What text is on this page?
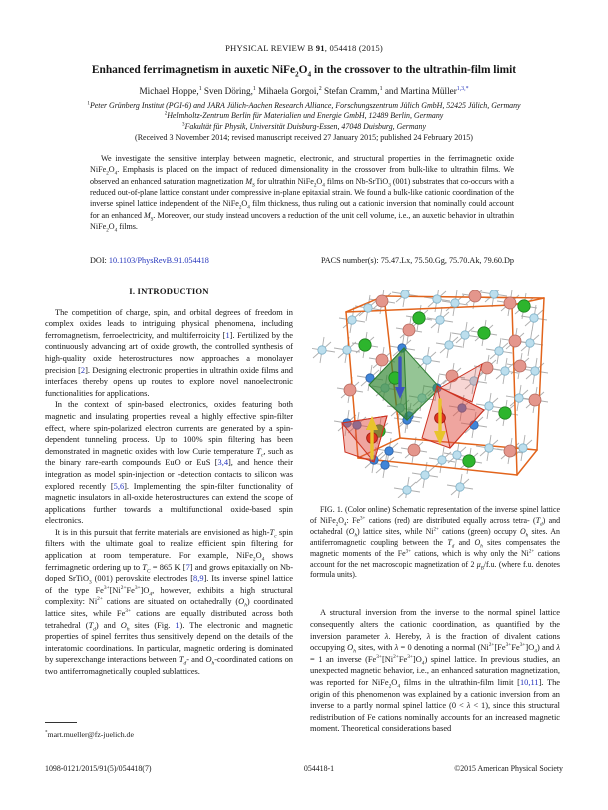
PHYSICAL REVIEW B 91, 054418 (2015)
Enhanced ferrimagnetism in auxetic $NiFe_2O_4$ in the crossover to the ultrathin-film limit
Michael Hoppe,$^1$ Sven Döring,$^1$ Mihaela Gorgoi,$^2$ Stefan Cramm,$^1$ and Martina Müller$^{1,3,*}$
$^1$Peter Grünberg Institut (PGI-6) and JARA Jülich-Aachen Research Alliance, Forschungszentrum Jülich GmbH, 52425 Jülich, Germany
$^2$Helmholtz-Zentrum Berlin für Materialien und Energie GmbH, 12489 Berlin, Germany
$^3$Fakultät für Physik, Universität Duisburg-Essen, 47048 Duisburg, Germany
(Received 3 November 2014; revised manuscript received 27 January 2015; published 24 February 2015)

We investigate the sensitive interplay between magnetic, electronic, and structural properties in the ferrimagnetic oxide $NiFe_2O_4$. Emphasis is placed on the impact of reduced dimensionality in the crossover from bulk-like to ultrathin films. We observed an enhanced saturation magnetization $M_S$ for ultrathin $NiFe_2O_4$ films on Nb-SrTiO$_3$ (001) substrates that co-occurs with a reduced out-of-plane lattice constant under compressive in-plane epitaxial strain. We found a bulk-like cationic coordination of the inverse spinel lattice independent of the $NiFe_2O_4$ film thickness, thus ruling out a cationic inversion that nominally could account for an enhanced $M_S$. Moreover, our study instead uncovers a reduction of the unit cell volume, i.e., an auxetic behavior in ultrathin $NiFe_2O_4$ films.

DOI: 10.1103/PhysRevB.91.054418	PACS number(s): 75.47.Lx, 75.50.Gg, 75.70.Ak, 79.60.Dp
I. INTRODUCTION

The competition of charge, spin, and orbital degrees of freedom in complex oxides leads to intriguing physical phenomena, including ferromagnetism, ferroelectricity, and multiferroicity [1]. Fertilized by the continuously advancing art of oxide growth, the controlled synthesis of high-quality oxide heterostructures now approaches a monolayer precision [2]. Designing electronic properties in ultrathin oxide films and interfaces thereby opens up routes to explore novel nanoelectronic functionalities for applications.

In the context of spin-based electronics, oxides featuring both magnetic and insulating properties reveal a highly effective spin-filter effect, where spin-polarized electron currents are generated by a spin-dependent tunneling process. Up to 100% spin filtering has been demonstrated in magnetic oxides with low Curie temperature $T_c$, such as the binary rare-earth compounds EuO or EuS [3,4], and hence their integration as model spin-injection or -detection contacts to silicon was explored recently [5,6]. Implementing the spin-filter functionality of magnetic insulators in all-oxide heterostructures can extend the scope of applications further towards a multifunctional oxide-based spin electronics.

It is in this pursuit that ferrite materials are envisioned as high-$T_c$ spin filters with the ultimate goal to realize efficient spin filtering for application at room temperature. For example, $NiFe_2O_4$ shows ferrimagnetic ordering up to $T_C = 865$ K [7] and grows epitaxially on Nb-doped SrTiO$_3$ (001) perovskite electrodes [8,9]. Its inverse spinel lattice of the type $Fe^{3+}[Ni^{2+}Fe^{3+}]O_4$, however, exhibits a high structural complexity: $Ni^{2+}$ cations are situated on octahedrally $(O_h)$ coordinated lattice sites, while $Fe^{3+}$ cations are equally distributed across both tetrahedral $(T_d)$ and $O_h$ sites (Fig. 1). The electronic and magnetic properties of spinel ferrites thus sensitively depend on the details of the interatomic coordinations. In particular, magnetic ordering is dominated by superexchange interactions between $T_d-$ and $O_h$-coordinated cations on two antiferromagnetically coupled sublattices.

FIG. 1. (Color online) Schematic representation of the inverse spinel lattice of $NiFe_2O_4$: $Fe^{3+}$ cations (red) are distributed equally across tetra- $(T_d)$ and octahedral $(O_h)$ lattice sites, while $Ni^{2+}$ cations (green) occupy $O_h$ sites. An antiferromagnetic coupling between the $T_d$ and $O_h$ sites compensates the magnetic moments of the $Fe^{3+}$ cations, which is why only the $Ni^{2+}$ cations account for the net macroscopic magnetization of 2 $\mu_B/f.u$. (where f.u. denotes formula units).

A structural inversion from the inverse to the normal spinel lattice consequently alters the cationic coordination, as quantified by the inversion parameter λ. Hereby, λ is the fraction of divalent cations occupying $O_h$ sites, with λ = 0 denoting a normal $(Ni^{2+}[Fe^{3+}Fe^{3+}]O_4)$ and λ = 1 an inverse $(Fe^{3+}[Ni^{2+}Fe^{3+}]O_4)$ spinel lattice. In previous studies, an unexpected magnetic behavior, i.e., an enhanced saturation magnetization, was reported for $NiFe_2O_4$ films in the ultrathin-film limit [10,11]. The origin of this phenomenon was explained by a cationic inversion from an inverse to a partly normal spinel lattice (0 < λ < 1), since this structural redistribution of Fe cations nominally accounts for an increased magnetic moment. Theoretical considerations based

*mart.mueller@fz-juelich.de
1098-0121/2015/91(5)/054418(7)	054418-1	©2015 American Physical Society
